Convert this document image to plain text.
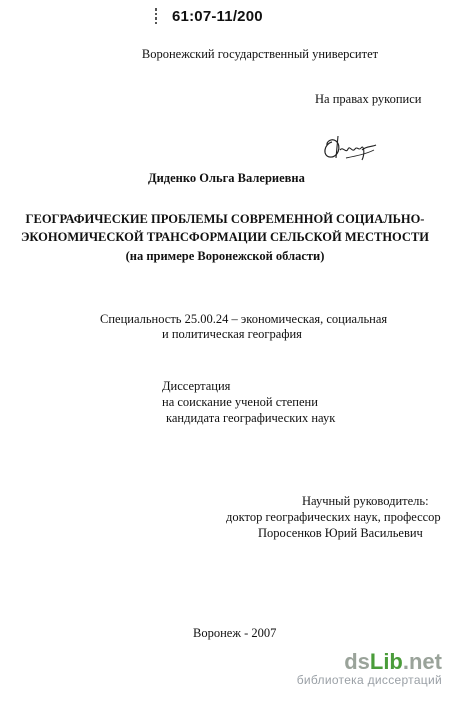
61:07-11/200
Воронежский государственный университет
На правах рукописи
Диденко Ольга Валериевна
ГЕОГРАФИЧЕСКИЕ ПРОБЛЕМЫ СОВРЕМЕННОЙ СОЦИАЛЬНО-
ЭКОНОМИЧЕСКОЙ ТРАНСФОРМАЦИИ СЕЛЬСКОЙ МЕСТНОСТИ
(на примере Воронежской области)
Специальность 25.00.24 – экономическая, социальная
и политическая география
Диссертация
на соискание ученой степени
кандидата географических наук
Научный руководитель:
доктор географических наук, профессор
Поросенков Юрий Васильевич
Воронеж - 2007
dsLib.net
библиотека диссертаций
